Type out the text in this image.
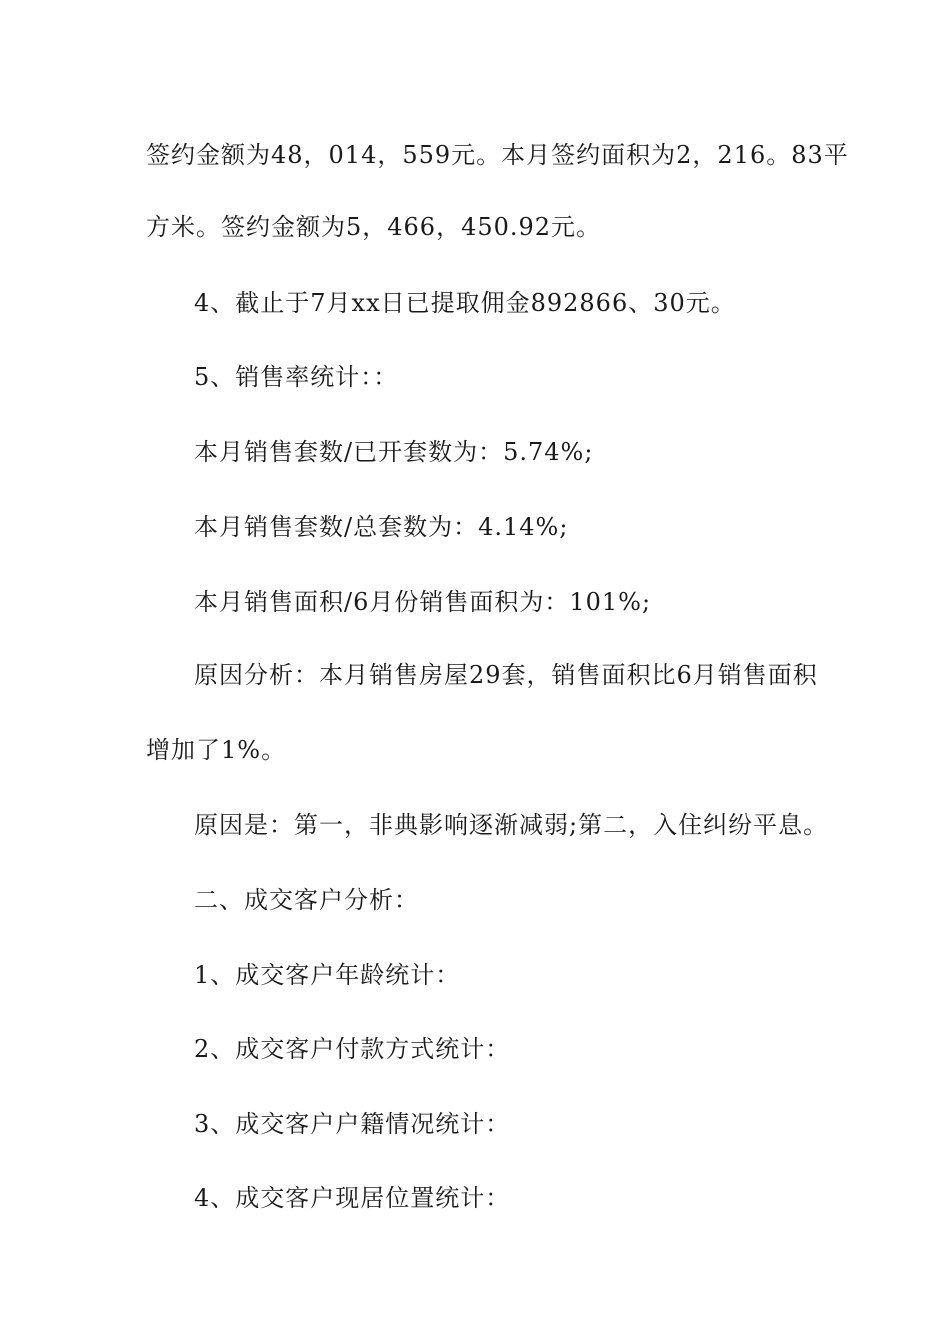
签约金额为48，014，559元。本月签约面积为2，216。83平
方米。签约金额为5，466，450.92元。
4、截止于7月xx日已提取佣金892866、30元。
5、销售率统计：：
本月销售套数/已开套数为：5.74%;
本月销售套数/总套数为：4.14%;
本月销售面积/6月份销售面积为：101%;
原因分析：本月销售房屋29套，销售面积比6月销售面积
增加了1%。
原因是：第一，非典影响逐渐减弱;第二，入住纠纷平息。
二、成交客户分析：
1、成交客户年龄统计：
2、成交客户付款方式统计：
3、成交客户户籍情况统计：
4、成交客户现居位置统计：
